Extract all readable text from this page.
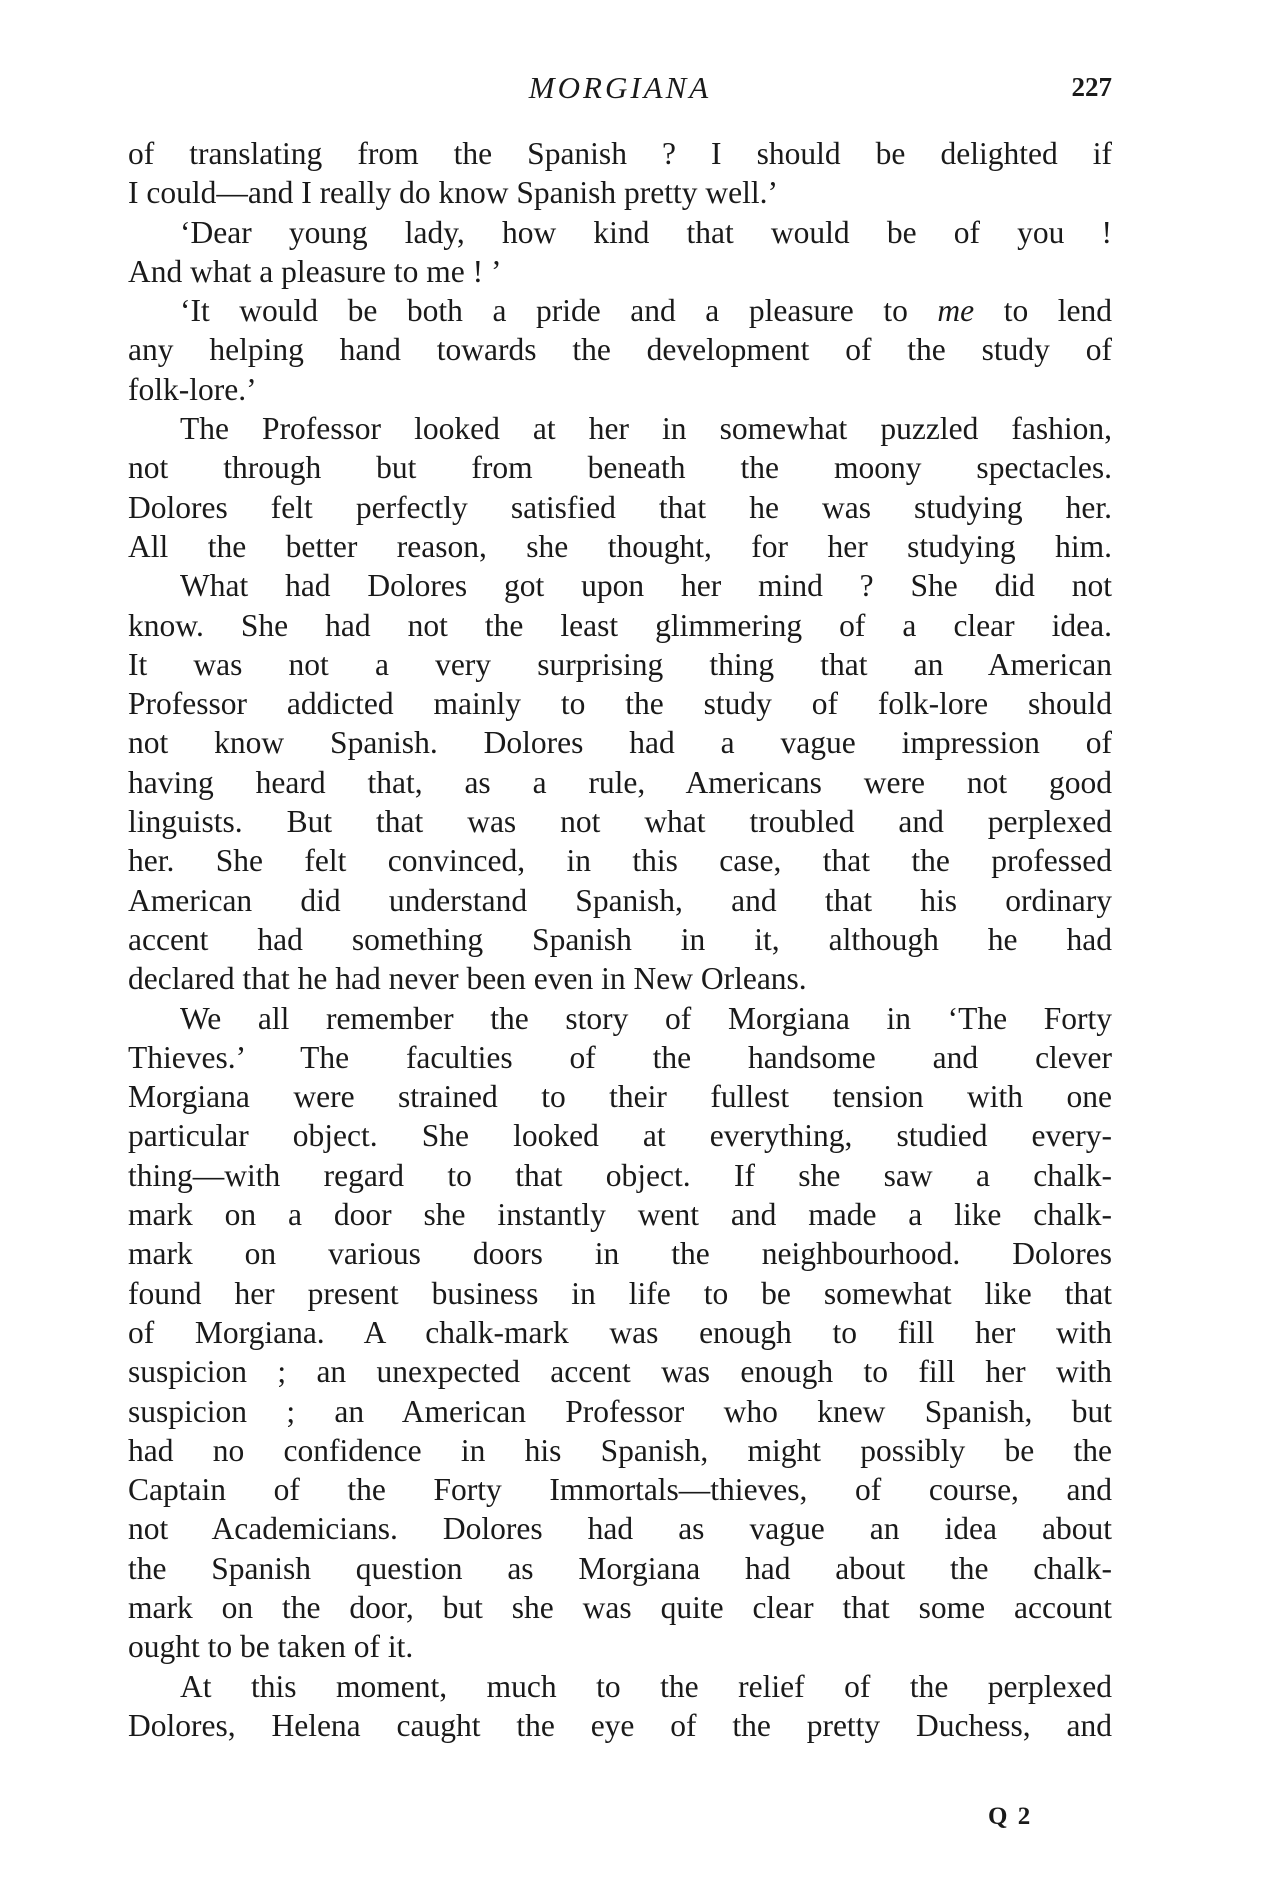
MORGIANA	227
of translating from the Spanish ? I should be delighted if
I could—and I really do know Spanish pretty well.’
‘Dear young lady, how kind that would be of you !
And what a pleasure to me ! ’
‘It would be both a pride and a pleasure to me to lend
any helping hand towards the development of the study of
folk-lore.’
The Professor looked at her in somewhat puzzled fashion,
not through but from beneath the moony spectacles.
Dolores felt perfectly satisfied that he was studying her.
All the better reason, she thought, for her studying him.
What had Dolores got upon her mind ? She did not
know. She had not the least glimmering of a clear idea.
It was not a very surprising thing that an American
Professor addicted mainly to the study of folk-lore should
not know Spanish. Dolores had a vague impression of
having heard that, as a rule, Americans were not good
linguists. But that was not what troubled and perplexed
her. She felt convinced, in this case, that the professed
American did understand Spanish, and that his ordinary
accent had something Spanish in it, although he had
declared that he had never been even in New Orleans.
We all remember the story of Morgiana in ‘The Forty
Thieves.’ The faculties of the handsome and clever
Morgiana were strained to their fullest tension with one
particular object. She looked at everything, studied every-
thing—with regard to that object. If she saw a chalk-
mark on a door she instantly went and made a like chalk-
mark on various doors in the neighbourhood. Dolores
found her present business in life to be somewhat like that
of Morgiana. A chalk-mark was enough to fill her with
suspicion ; an unexpected accent was enough to fill her with
suspicion ; an American Professor who knew Spanish, but
had no confidence in his Spanish, might possibly be the
Captain of the Forty Immortals—thieves, of course, and
not Academicians. Dolores had as vague an idea about
the Spanish question as Morgiana had about the chalk-
mark on the door, but she was quite clear that some account
ought to be taken of it.
At this moment, much to the relief of the perplexed
Dolores, Helena caught the eye of the pretty Duchess, and
Q 2
